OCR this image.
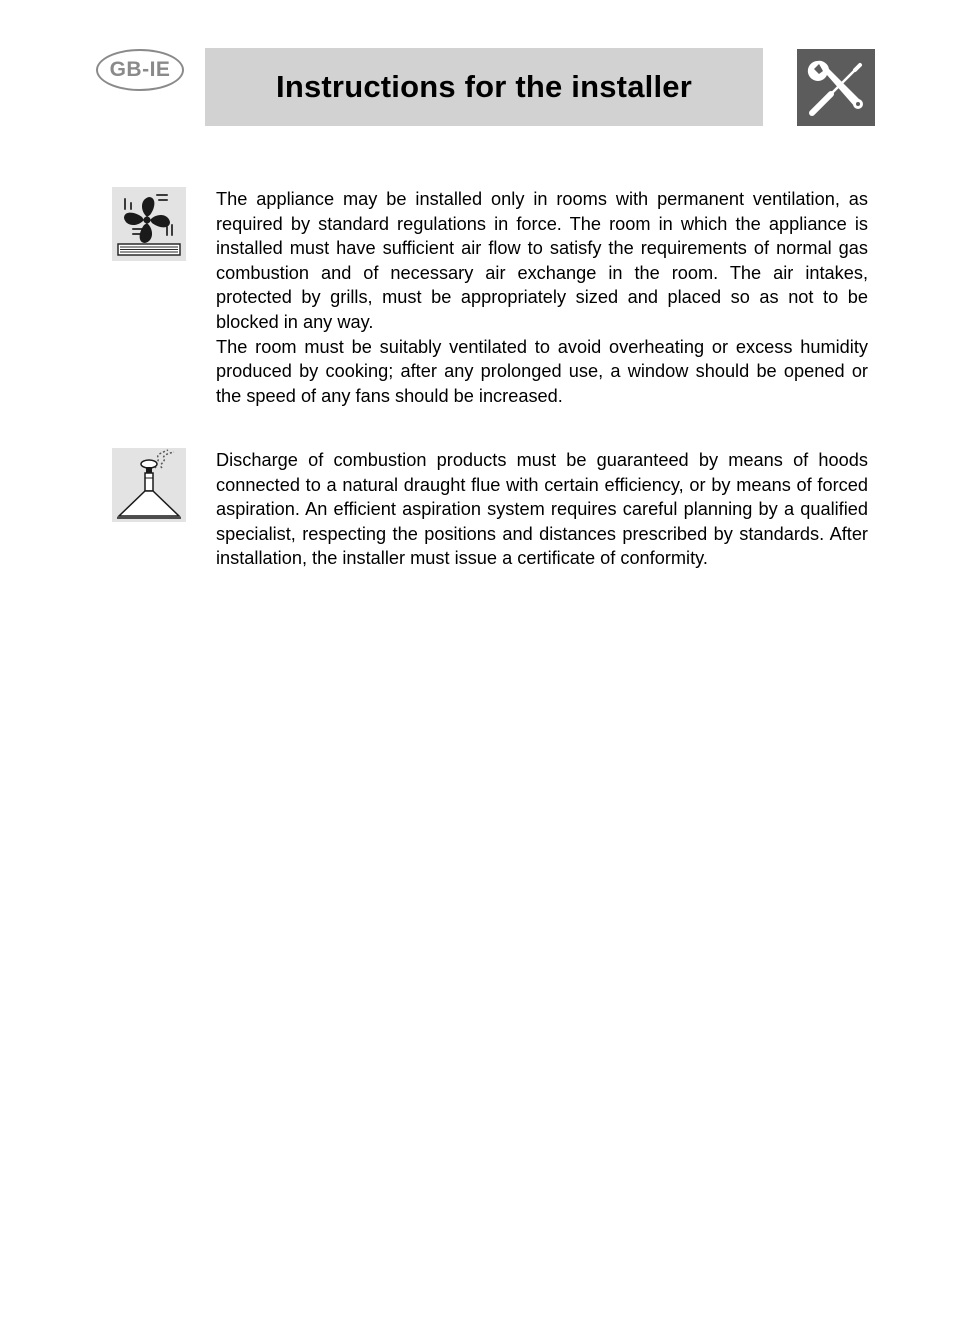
GB-IE	Instructions for the installer

The appliance may be installed only in rooms with permanent ventilation, as required by standard regulations in force. The room in which the appliance is installed must have sufficient air flow to satisfy the requirements of normal gas combustion and of necessary air exchange in the room. The air intakes, protected by grills, must be appropriately sized and placed so as not to be blocked in any way.

The room must be suitably ventilated to avoid overheating or excess humidity produced by cooking; after any prolonged use, a window should be opened or the speed of any fans should be increased.

Discharge of combustion products must be guaranteed by means of hoods connected to a natural draught flue with certain efficiency, or by means of forced aspiration. An efficient aspiration system requires careful planning by a qualified specialist, respecting the positions and distances prescribed by standards. After installation, the installer must issue a certificate of conformity.
